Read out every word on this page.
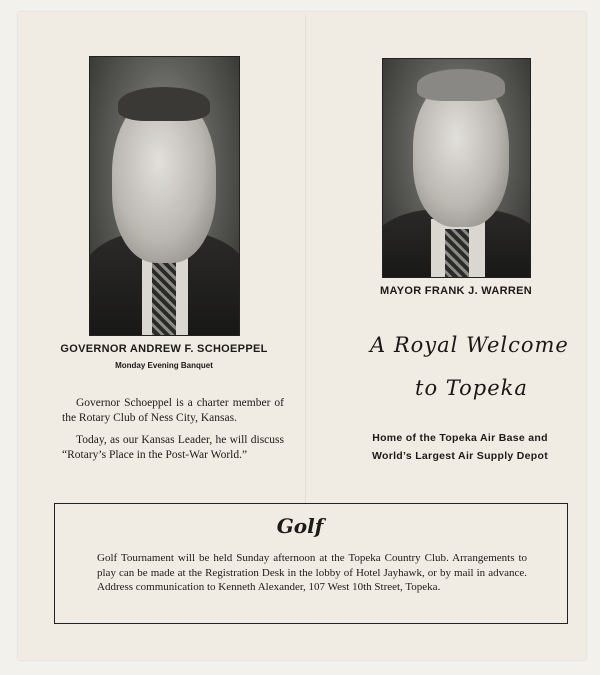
GOVERNOR ANDREW F. SCHOEPPEL
Monday Evening Banquet

Governor Schoeppel is a charter member of the Rotary Club of Ness City, Kansas.

Today, as our Kansas Leader, he will discuss “Rotary’s Place in the Post-War World.”

MAYOR FRANK J. WARREN
A Royal Welcome
to Topeka
Home of the Topeka Air Base and
World’s Largest Air Supply Depot
Golf

Golf Tournament will be held Sunday afternoon at the Topeka Country Club. Arrangements to play can be made at the Registration Desk in the lobby of Hotel Jayhawk, or by mail in advance. Address communication to Kenneth Alexander, 107 West 10th Street, Topeka.
